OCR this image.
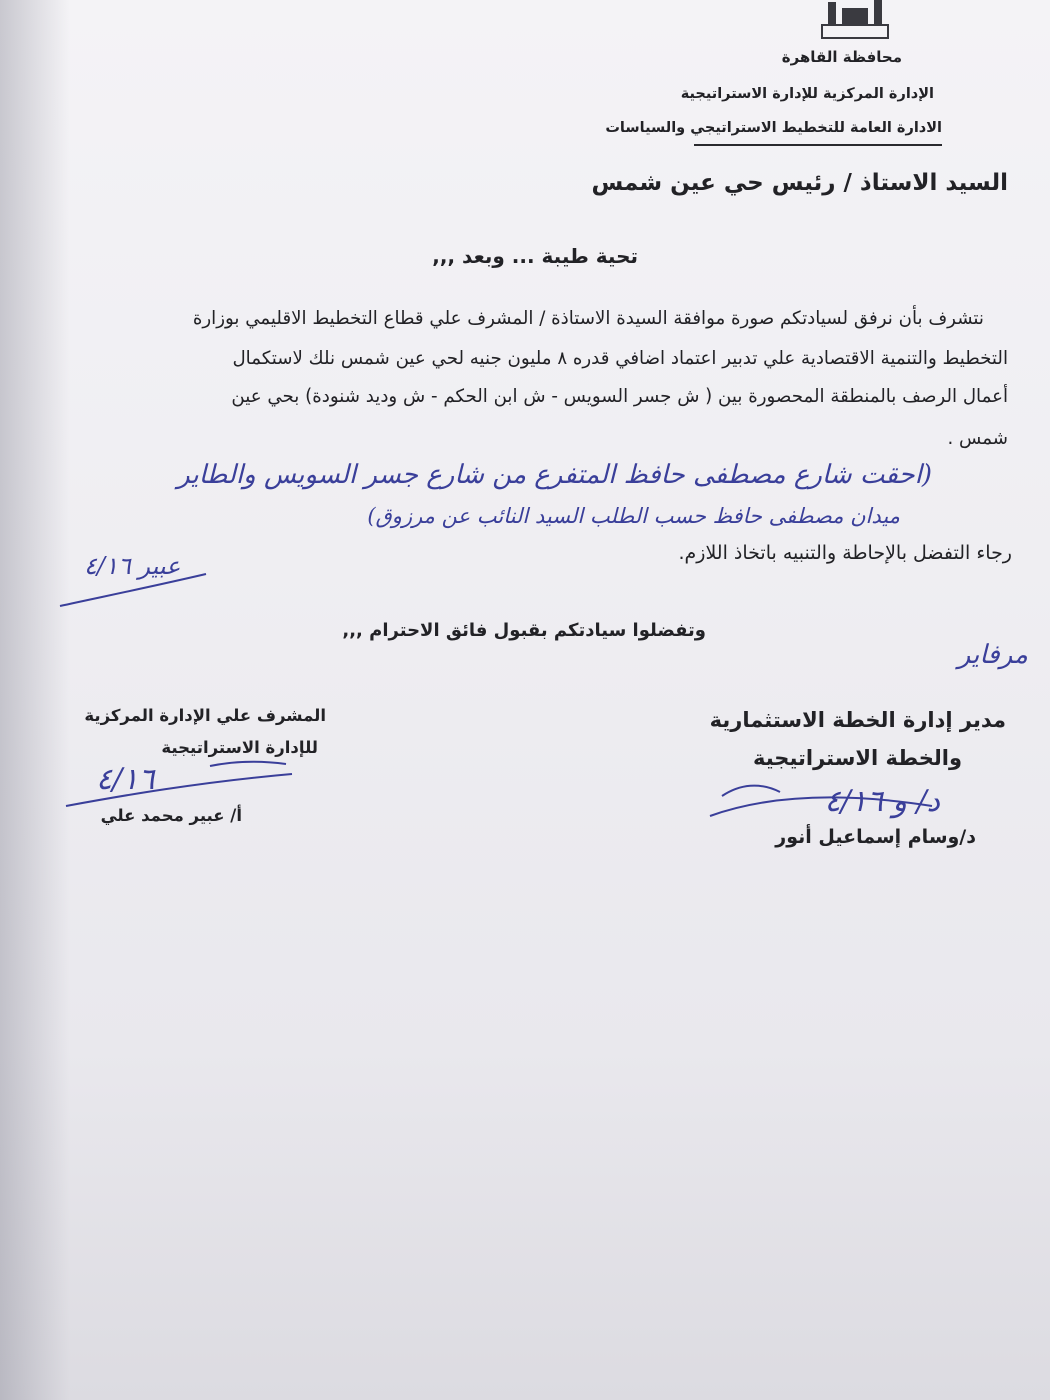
محافظة القاهرة
الإدارة المركزية للإدارة الاستراتيجية
الادارة العامة للتخطيط الاستراتيجي والسياسات
السيد الاستاذ / رئيس حي عين شمس
تحية طيبة ... وبعد ,,,
نتشرف بأن نرفق لسيادتكم صورة موافقة السيدة الاستاذة / المشرف علي قطاع التخطيط الاقليمي بوزارة
التخطيط والتنمية الاقتصادية علي تدبير اعتماد اضافي قدره ٨ مليون جنيه لحي عين شمس نلك لاستكمال
أعمال الرصف بالمنطقة المحصورة بين ( ش جسر السويس - ش ابن الحكم - ش وديد شنودة) بحي عين
شمس .
(احقت شارع مصطفى حافظ المتفرع من شارع جسر السويس والطاير
ميدان مصطفى حافظ حسب الطلب السيد النائب عن مرزوق)
رجاء التفضل بالإحاطة والتنبيه باتخاذ اللازم.
عبير ٤/١٦
وتفضلوا سيادتكم بقبول فائق الاحترام ,,,
مرفاير
مدير إدارة الخطة الاستثمارية
والخطة الاستراتيجية
د/ و ٤/١٦
د/وسام إسماعيل أنور
المشرف علي الإدارة المركزية
للإدارة الاستراتيجية
٤/١٦
أ/ عبير محمد علي
